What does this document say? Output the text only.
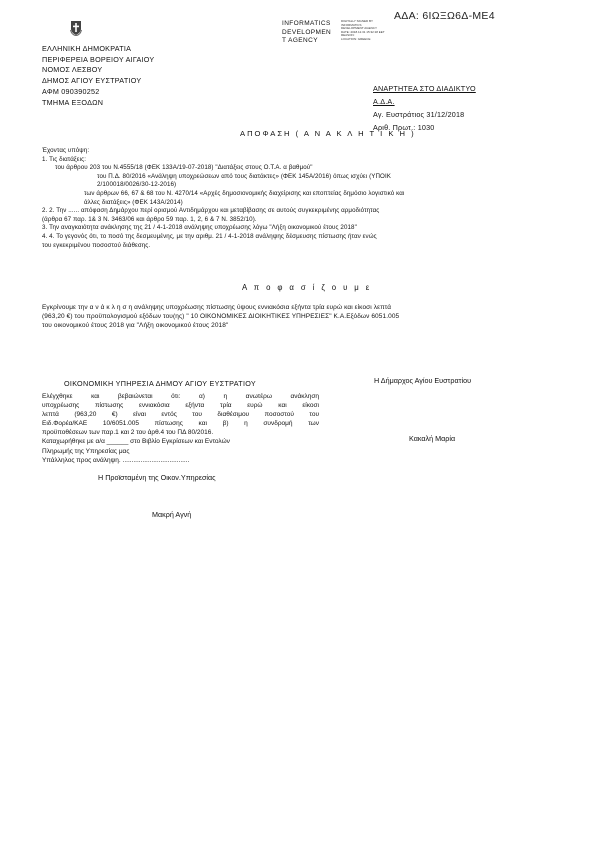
ΑΔΑ: 6ΙΩΞΩ6Δ-ΜΕ4
ΕΛΛΗΝΙΚΗ ΔΗΜΟΚΡΑΤΙΑ
ΠΕΡΙΦΕΡΕΙΑ ΒΟΡΕΙΟΥ ΑΙΓΑΙΟΥ
ΝΟΜΟΣ ΛΕΣΒΟΥ
ΔΗΜΟΣ ΑΓΙΟΥ ΕΥΣΤΡΑΤΙΟΥ
ΑΦΜ 090390252
ΤΜΗΜΑ ΕΞΟΔΩΝ
INFORMATICS
DEVELOPMEN
T AGENCY
DIGITALLY SIGNED BY
INFORMATICS
DEVELOPMENT AGENCY
DATE: 2018.12.31 15:32:18 EET
REASON:
LOCATION: GREECE
ΑΝΑΡΤΗΤΕΑ ΣΤΟ ΔΙΑΔΙΚΤΥΟ
Α.Δ.Α.
Αγ. Ευστράτιος 31/12/2018
Αριθ. Πρωτ.: 1030
ΑΠΟΦΑΣΗ ( Α Ν Α Κ Λ Η Τ Ι Κ Η )
Έχοντας υπόψη:
1. Τις διατάξεις:
του άρθρου 203 του Ν.4555/18 (ΦΕΚ 133Α/19-07-2018) "Διατάξεις στους Ο.Τ.Α. α βαθμού"
του Π.Δ. 80/2016 «Ανάληψη υποχρεώσεων από τους διατάκτες» (ΦΕΚ 145Α/2016) όπως ισχύει (ΥΠΟΙΚ
2/100018/0026/30-12-2016)
των άρθρων 66, 67 & 68 του Ν. 4270/14 «Αρχές δημοσιονομικής διαχείρισης και εποπτείας δημόσιο λογιστικό και
άλλες διατάξεις» (ΦΕΚ 143Α/2014)
2. 2. Την ...... απόφαση Δημάρχου περί ορισμού Αντιδημάρχου και μεταβίβασης σε αυτούς συγκεκριμένης αρμοδιότητας
(άρθρα 67 παρ. 1& 3 Ν. 3463/06 και άρθρο 59 παρ. 1, 2, 6 & 7 Ν. 3852/10).
3. Την αναγκαιότητα ανάκλησης της 21 / 4-1-2018 ανάληψης υποχρέωσης λόγω "Λήξη οικονομικού έτους 2018"
4. 4. Το γεγονός ότι, το ποσό της δεσμευμένης, με την αριθμ. 21 / 4-1-2018 ανάληψης δέσμευσης πίστωσης ήταν ενώς
του εγκεκριμένου ποσοστού διάθεσης.
Α π ο φ α σ ί ζ ο υ μ ε
Εγκρίνουμε την α ν ά κ λ η σ η ανάληψης υποχρέωσης πίστωσης ύψους εννιακόσια εξήντα τρία ευρώ και είκοσι λεπτά
(963,20 €) του προϋπολογισμού εξόδων του(ης) " 10 ΟΙΚΟΝΟΜΙΚΕΣ ΔΙΟΙΚΗΤΙΚΕΣ ΥΠΗΡΕΣΙΕΣ" Κ.Α.Εξόδων 6051.005
του οικονομικού έτους 2018 για "Λήξη οικονομικού έτους 2018"
ΟΙΚΟΝΟΜΙΚΗ ΥΠΗΡΕΣΙΑ ΔΗΜΟΥ ΑΓΙΟΥ ΕΥΣΤΡΑΤΙΟΥ
Ελέγχθηκε και βεβαιώνεται ότι: α) η ανωτέρω ανάκληση
υποχρέωσης πίστωσης εννιακόσια εξήντα τρία ευρώ και είκοσι
λεπτά (963,20 €) είναι εντός του διαθέσιμου ποσοστού του
Ειδ.Φορέα/ΚΑΕ 10/6051.005 πίστωσης και β) η συνδρομή των
προϋποθέσεων των παρ.1 και 2 του άρθ.4 του ΠΔ 80/2016.
Καταχωρήθηκε με α/α ______ στο Βιβλίο Εγκρίσεων και Εντολών
Πληρωμής της Υπηρεσίας μας
Υπάλληλος προς ανάληψη. .....................................
Η Δήμαρχος Αγίου Ευστρατίου
Κακαλή Μαρία
Η Προϊσταμένη της Οικον.Υπηρεσίας
Μακρή Αγνή
